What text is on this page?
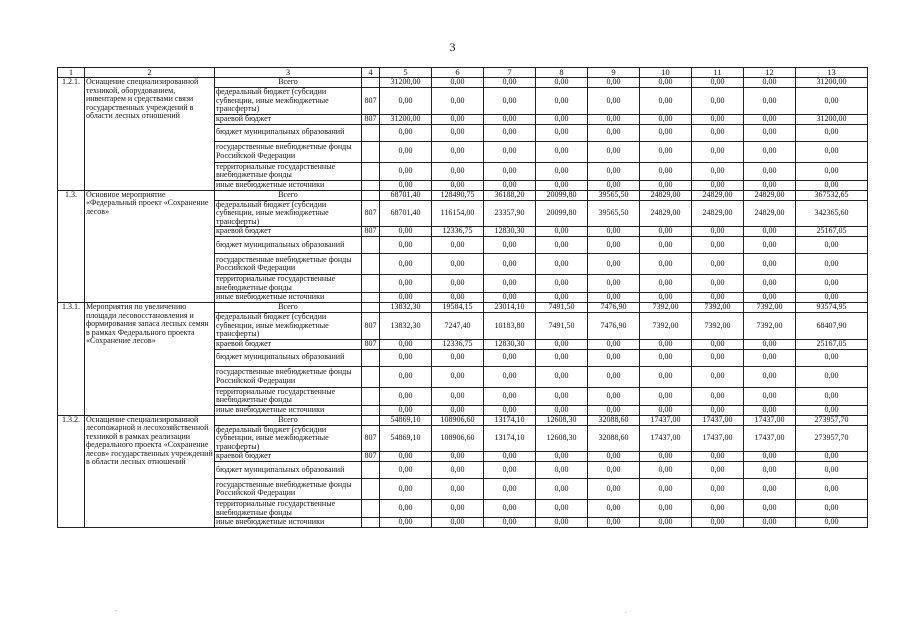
3
1	2	3	4	5	6	7	8	9	10	11	12	13
1.2.1.	Оснащение специализированной техникой, оборудованием, инвентарем и средствами связи государственных учреждений в области лесных отношений	Всего		31200,00	0,00	0,00	0,00	0,00	0,00	0,00	0,00	31200,00
		федеральный бюджет (субсидии субвенции, иные межбюджетные трансферты)	807	0,00	0,00	0,00	0,00	0,00	0,00	0,00	0,00	0,00
		краевой бюджет	807	31200,00	0,00	0,00	0,00	0,00	0,00	0,00	0,00	31200,00
		бюджет муниципальных образований		0,00	0,00	0,00	0,00	0,00	0,00	0,00	0,00	0,00
		государственные внебюджетные фонды Российской Федерации		0,00	0,00	0,00	0,00	0,00	0,00	0,00	0,00	0,00
		территориальные государственные внебюджетные фонды		0,00	0,00	0,00	0,00	0,00	0,00	0,00	0,00	0,00
		иные внебюджетные источники		0,00	0,00	0,00	0,00	0,00	0,00	0,00	0,00	0,00
1.3.	Основное мероприятие «Федеральный проект «Сохранение лесов»	Всего		68701,40	128490,75	36188,20	20099,80	39565,50	24829,00	24829,00	24829,00	367532,65
		федеральный бюджет (субсидии субвенции, иные межбюджетные трансферты)	807	68701,40	116154,00	23357,90	20099,80	39565,50	24829,00	24829,00	24829,00	342365,60
		краевой бюджет	807	0,00	12336,75	12830,30	0,00	0,00	0,00	0,00	0,00	25167,05
		бюджет муниципальных образований		0,00	0,00	0,00	0,00	0,00	0,00	0,00	0,00	0,00
		государственные внебюджетные фонды Российской Федерации		0,00	0,00	0,00	0,00	0,00	0,00	0,00	0,00	0,00
		территориальные государственные внебюджетные фонды		0,00	0,00	0,00	0,00	0,00	0,00	0,00	0,00	0,00
		иные внебюджетные источники		0,00	0,00	0,00	0,00	0,00	0,00	0,00	0,00	0,00
1.3.1.	Мероприятия по увеличению площади лесовосстановления и формирования запаса лесных семян в рамках Федерального проекта «Сохранение лесов»	Всего		13832,30	19584,15	23014,10	7491,50	7476,90	7392,00	7392,00	7392,00	93574,95
		федеральный бюджет (субсидии субвенции, иные межбюджетные трансферты)	807	13832,30	7247,40	10183,80	7491,50	7476,90	7392,00	7392,00	7392,00	68407,90
		краевой бюджет	807	0,00	12336,75	12830,30	0,00	0,00	0,00	0,00	0,00	25167,05
		бюджет муниципальных образований		0,00	0,00	0,00	0,00	0,00	0,00	0,00	0,00	0,00
		государственные внебюджетные фонды Российской Федерации		0,00	0,00	0,00	0,00	0,00	0,00	0,00	0,00	0,00
		территориальные государственные внебюджетные фонды		0,00	0,00	0,00	0,00	0,00	0,00	0,00	0,00	0,00
		иные внебюджетные источники		0,00	0,00	0,00	0,00	0,00	0,00	0,00	0,00	0,00
1.3.2.	Оснащение специализированной лесопожарной и лесохозяйственной техникой в рамках реализации федерального проекта «Сохранение лесов» государственных учреждений в области лесных отношений	Всего		54869,10	108906,60	13174,10	12608,30	32088,60	17437,00	17437,00	17437,00	273957,70
		федеральный бюджет (субсидии субвенции, иные межбюджетные трансферты)	807	54869,10	108906,60	13174,10	12608,30	32088,60	17437,00	17437,00	17437,00	273957,70
		краевой бюджет	807	0,00	0,00	0,00	0,00	0,00	0,00	0,00	0,00	0,00
		бюджет муниципальных образований		0,00	0,00	0,00	0,00	0,00	0,00	0,00	0,00	0,00
		государственные внебюджетные фонды Российской Федерации		0,00	0,00	0,00	0,00	0,00	0,00	0,00	0,00	0,00
		территориальные государственные внебюджетные фонды		0,00	0,00	0,00	0,00	0,00	0,00	0,00	0,00	0,00
		иные внебюджетные источники		0,00	0,00	0,00	0,00	0,00	0,00	0,00	0,00	0,00
-	.
